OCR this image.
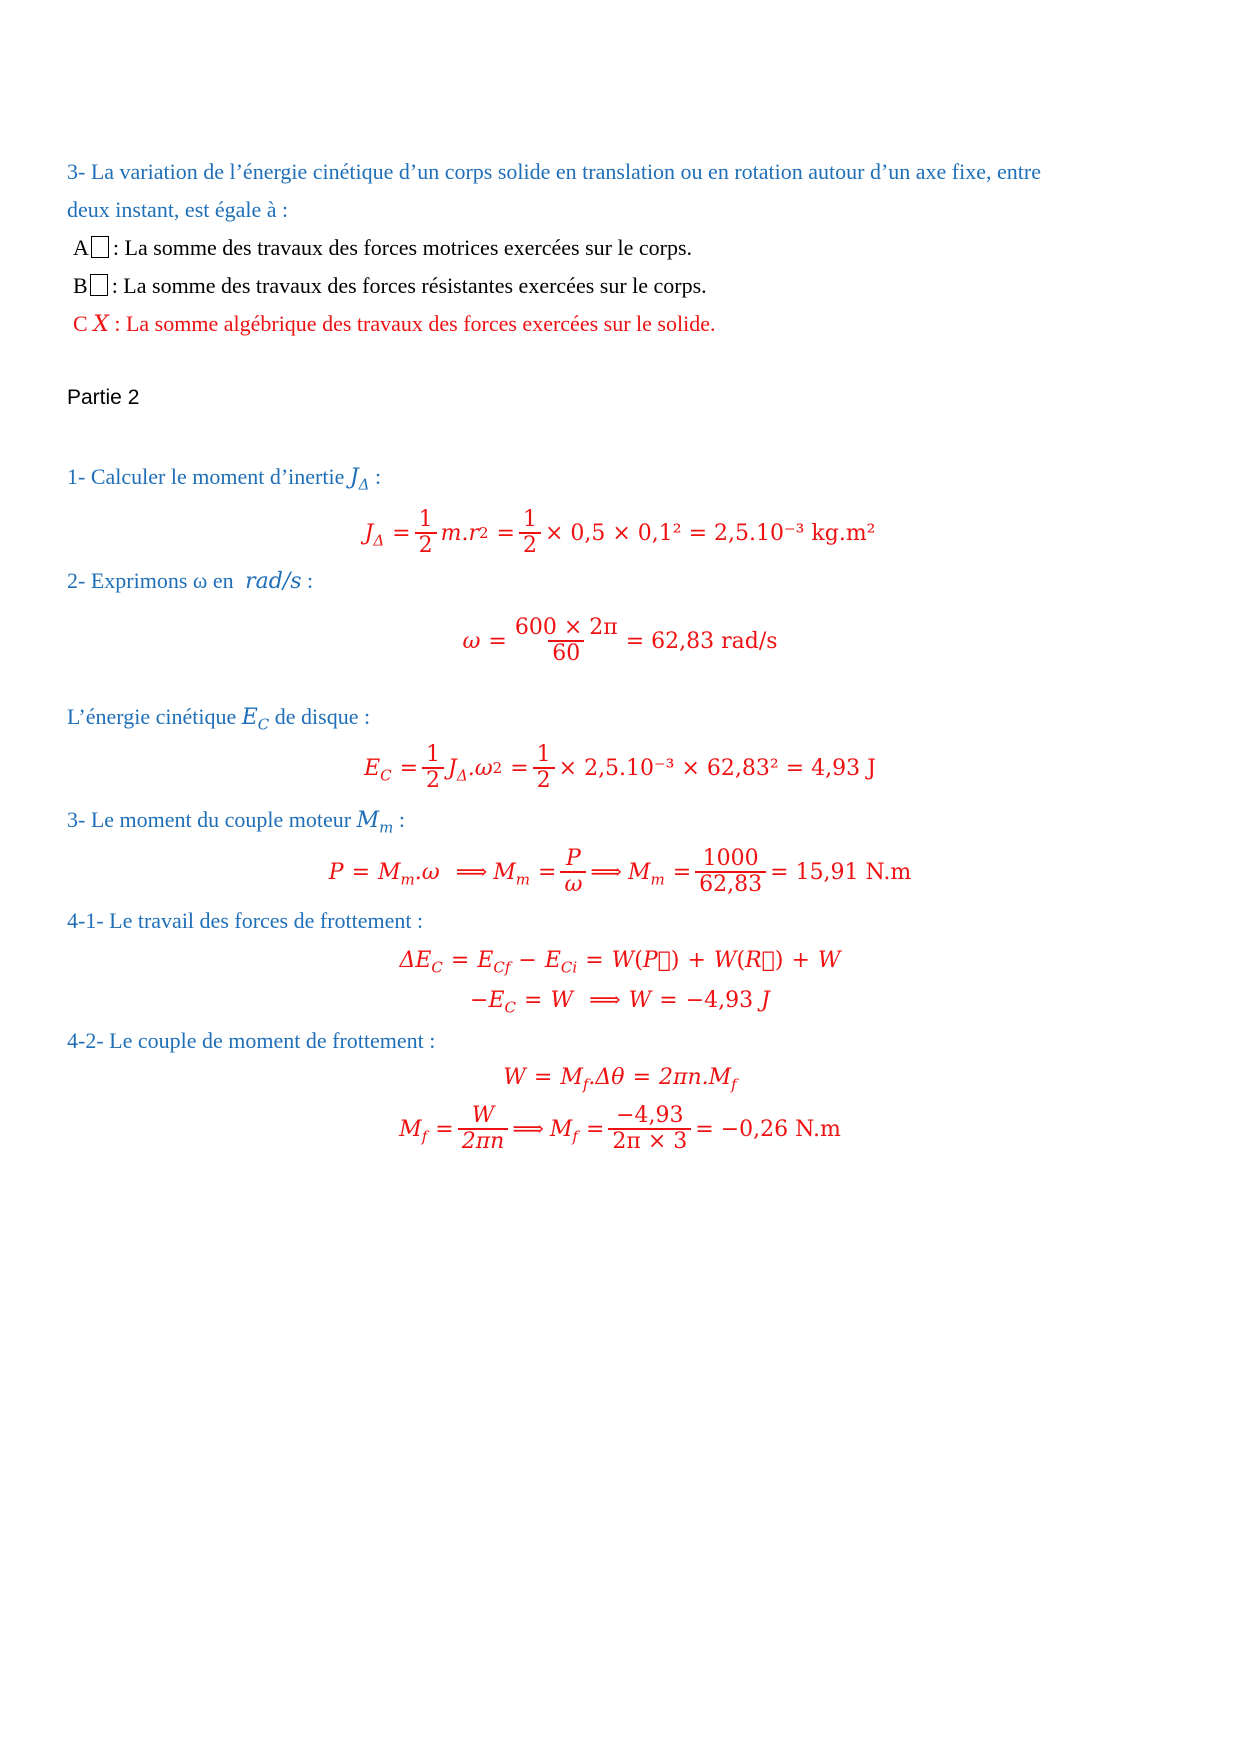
3- La variation de l’énergie cinétique d’un corps solide en translation ou en rotation autour d’un axe fixe, entre
deux instant, est égale à :
A : La somme des travaux des forces motrices exercées sur le corps.
B : La somme des travaux des forces résistantes exercées sur le corps.
C X : La somme algébrique des travaux des forces exercées sur le solide.
Partie 2
1- Calculer le moment d’inertie $J_\Delta$ :
$J_\Delta = \frac{1}{2} m.r$ $2 = \frac{1}{2} \times 0,5 \times 0,1^2 = 2,5.10^{-3}$ kg.m²
2- Exprimons ω en rad/s :
$\omega = \frac{600 \times 2\pi}{60} = 62,83$ rad/s
L’énergie cinétique $E_C$ de disque :
$E_C = \frac{1}{2} J_\Delta.\omega$ $2 = \frac{1}{2} \times 2,5.10^{-3} \times 62,83^2 = 4,93$ J
3- Le moment du couple moteur $M_m$ :
$P = M_m.\omega$ ⟹ $M_m = \frac{P}{\omega}$ ⟹ $M_m = \frac{1000}{62,83} = 15,91$ N.m
4-1- Le travail des forces de frottement :
$\Delta E_C = E_{Cf} - E_{Ci} = W$ ( P⃗ ) + W ( R⃗ ) + W
− $E_C = W$ ⟹ W = −4,93 J
4-2- Le couple de moment de frottement :
$W = M_f.\Delta\theta = 2\pi n.M_f$
$M_f = \frac{W}{2\pi n}$ ⟹ $M_f = \frac{-4,93}{2\pi \times 3} = -0,26$ N.m
